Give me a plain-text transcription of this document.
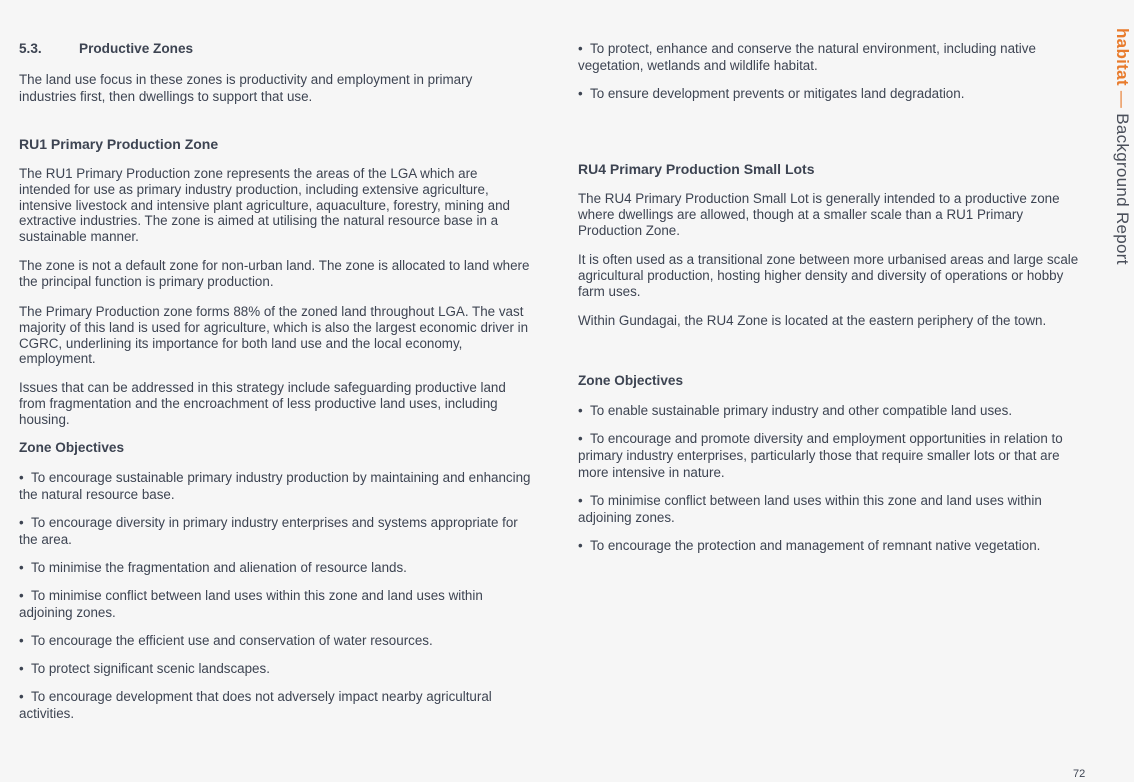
5.3.	Productive Zones

The land use focus in these zones is productivity and employment in primary industries first, then dwellings to support that use.

RU1 Primary Production Zone

The RU1 Primary Production zone represents the areas of the LGA which are intended for use as primary industry production, including extensive agriculture, intensive livestock and intensive plant agriculture, aquaculture, forestry, mining and extractive industries. The zone is aimed at utilising the natural resource base in a sustainable manner.

The zone is not a default zone for non-urban land. The zone is allocated to land where the principal function is primary production.

The Primary Production zone forms 88% of the zoned land throughout LGA. The vast majority of this land is used for agriculture, which is also the largest economic driver in CGRC, underlining its importance for both land use and the local economy, employment.

Issues that can be addressed in this strategy include safeguarding productive land from fragmentation and the encroachment of less productive land uses, including housing.

Zone Objectives

• To encourage sustainable primary industry production by maintaining and enhancing the natural resource base.

• To encourage diversity in primary industry enterprises and systems appropriate for the area.

• To minimise the fragmentation and alienation of resource lands.

• To minimise conflict between land uses within this zone and land uses within adjoining zones.

• To encourage the efficient use and conservation of water resources.

• To protect significant scenic landscapes.

• To encourage development that does not adversely impact nearby agricultural activities.

• To protect, enhance and conserve the natural environment, including native vegetation, wetlands and wildlife habitat.

• To ensure development prevents or mitigates land degradation.

RU4 Primary Production Small Lots

The RU4 Primary Production Small Lot is generally intended to a productive zone where dwellings are allowed, though at a smaller scale than a RU1 Primary Production Zone.

It is often used as a transitional zone between more urbanised areas and large scale agricultural production, hosting higher density and diversity of operations or hobby farm uses.

Within Gundagai, the RU4 Zone is located at the eastern periphery of the town.

Zone Objectives

• To enable sustainable primary industry and other compatible land uses.

• To encourage and promote diversity and employment opportunities in relation to primary industry enterprises, particularly those that require smaller lots or that are more intensive in nature.

• To minimise conflict between land uses within this zone and land uses within adjoining zones.

• To encourage the protection and management of remnant native vegetation.

habitat — Background Report
72
